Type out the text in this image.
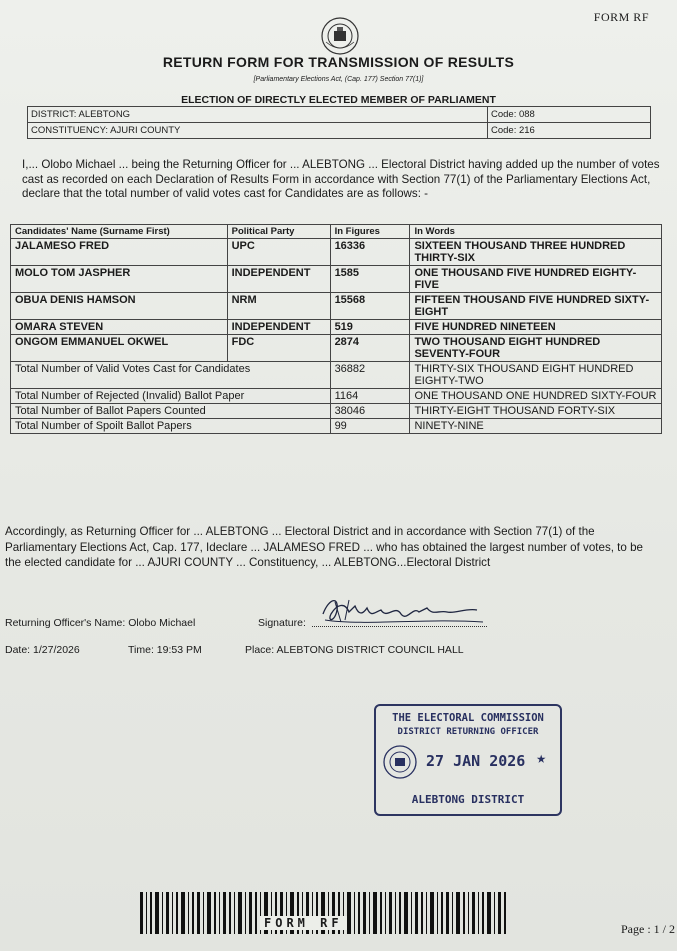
FORM RF
RETURN FORM FOR TRANSMISSION OF RESULTS
[Parliamentary Elections Act, (Cap. 177) Section 77(1)]
ELECTION OF DIRECTLY ELECTED MEMBER OF PARLIAMENT
DISTRICT: ALEBTONG	Code: 088
CONSTITUENCY: AJURI COUNTY	Code: 216
I,... Olobo Michael ... being the Returning Officer for ... ALEBTONG ... Electoral District having added up the number of votes cast as recorded on each Declaration of Results Form in accordance with Section 77(1) of the Parliamentary Elections Act, declare that the total number of valid votes cast for Candidates are as follows: -
Candidates' Name (Surname First)	Political Party	In Figures	In Words
JALAMESO FRED	UPC	16336	SIXTEEN THOUSAND THREE HUNDRED THIRTY-SIX
MOLO TOM JASPHER	INDEPENDENT	1585	ONE THOUSAND FIVE HUNDRED EIGHTY-FIVE
OBUA DENIS HAMSON	NRM	15568	FIFTEEN THOUSAND FIVE HUNDRED SIXTY-EIGHT
OMARA STEVEN	INDEPENDENT	519	FIVE HUNDRED NINETEEN
ONGOM EMMANUEL OKWEL	FDC	2874	TWO THOUSAND EIGHT HUNDRED SEVENTY-FOUR
Total Number of Valid Votes Cast for Candidates		36882	THIRTY-SIX THOUSAND EIGHT HUNDRED EIGHTY-TWO
Total Number of Rejected (Invalid) Ballot Paper		1164	ONE THOUSAND ONE HUNDRED SIXTY-FOUR
Total Number of Ballot Papers Counted		38046	THIRTY-EIGHT THOUSAND FORTY-SIX
Total Number of Spoilt Ballot Papers		99	NINETY-NINE
Accordingly, as Returning Officer for ... ALEBTONG ... Electoral District and in accordance with Section 77(1) of the Parliamentary Elections Act, Cap. 177, Ideclare ... JALAMESO FRED ... who has obtained the largest number of votes, to be the elected candidate for ... AJURI COUNTY ... Constituency, ... ALEBTONG...Electoral District
Returning Officer's Name: Olobo Michael	Signature:
Date: 1/27/2026	Time: 19:53 PM	Place: ALEBTONG DISTRICT COUNCIL HALL
THE ELECTORAL COMMISSION
DISTRICT RETURNING OFFICER
27 JAN 2026 ★
ALEBTONG DISTRICT
FORM RF	Page : 1 / 2
